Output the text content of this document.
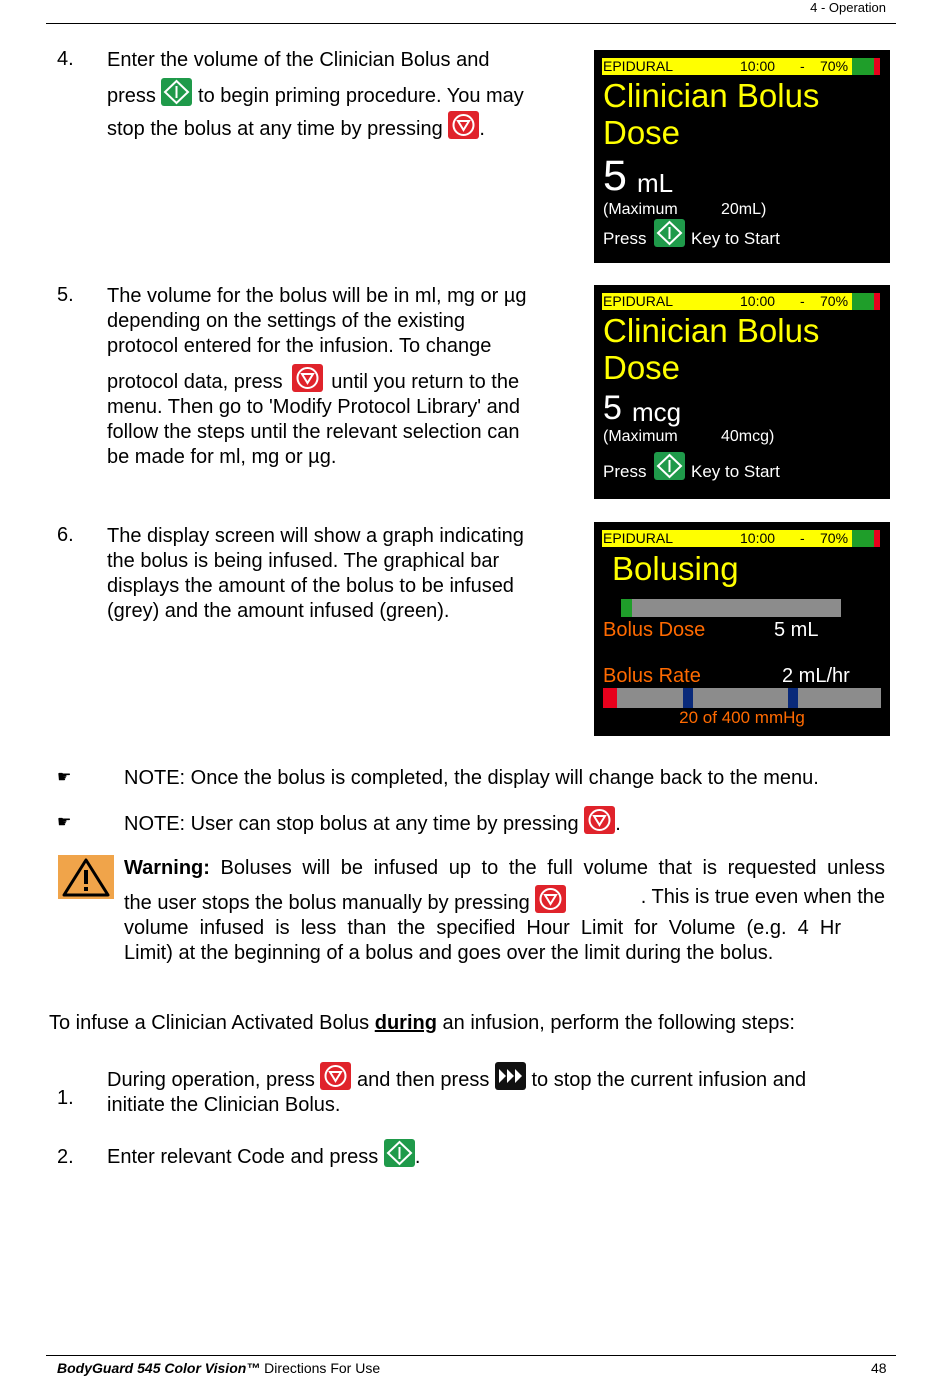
4 - Operation
4. Enter the volume of the Clinician Bolus and
press to begin priming procedure. You may
stop the bolus at any time by pressing .
EPIDURAL	10:00 - 70%
Clinician Bolus
Dose
5 mL
(Maximum	20mL)
Press	Key to Start
5. The volume for the bolus will be in ml, mg or µg
depending on the settings of the existing
protocol entered for the infusion. To change
protocol data, press until you return to the
menu. Then go to 'Modify Protocol Library' and
follow the steps until the relevant selection can
be made for ml, mg or µg.
EPIDURAL	10:00 - 70%
Clinician Bolus
Dose
5 mcg
(Maximum	40mcg)
Press	Key to Start
6. The display screen will show a graph indicating
the bolus is being infused. The graphical bar
displays the amount of the bolus to be infused
(grey) and the amount infused (green).
EPIDURAL	10:00 - 70%
Bolusing
Bolus Dose	5 mL
Bolus Rate	2 mL/hr
20 of 400 mmHg
☛	NOTE: Once the bolus is completed, the display will change back to the menu.
☛	NOTE: User can stop bolus at any time by pressing .
Warning: Boluses will be infused up to the full volume that is requested unless
the user stops the bolus manually by pressing	. This is true even when the
volume  infused  is  less  than  the  specified  Hour  Limit  for  Volume  (e.g.  4  Hr
Limit) at the beginning of a bolus and goes over the limit during the bolus.
To infuse a Clinician Activated Bolus during an infusion, perform the following steps:
1.
During operation, press and then press to stop the current infusion and
initiate the Clinician Bolus.
2. Enter relevant Code and press .
BodyGuard 545 Color Vision™ Directions For Use	48
